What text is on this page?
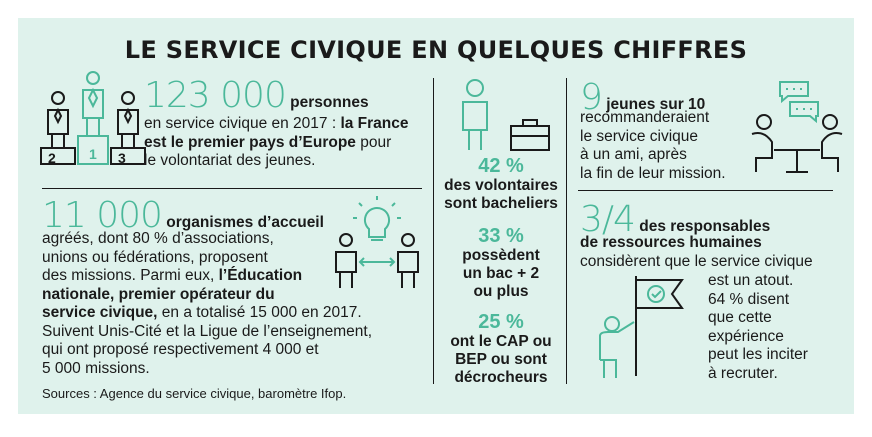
LE SERVICE CIVIQUE EN QUELQUES CHIFFRES
2 1 3
123 000 personnes
en service civique en 2017 : la France
est le premier pays d’Europe pour
le volontariat des jeunes.
11 000 organismes d’accueil
agréés, dont 80 % d’associations,
unions ou fédérations, proposent
des missions. Parmi eux, l’Éducation
nationale, premier opérateur du
service civique, en a totalisé 15 000 en 2017.
Suivent Unis-Cité et la Ligue de l’enseignement,
qui ont proposé respectivement 4 000 et
5 000 missions.
Sources : Agence du service civique, baromètre Ifop.
42 %
des volontaires
sont bacheliers
33 %
possèdent
un bac + 2
ou plus
25 %
ont le CAP ou
BEP ou sont
décrocheurs
9 jeunes sur 10
recommanderaient
le service civique
à un ami, après
la fin de leur mission.
3/4 des responsables
de ressources humaines
considèrent que le service civique
est un atout.
64 % disent
que cette
expérience
peut les inciter
à recruter.
